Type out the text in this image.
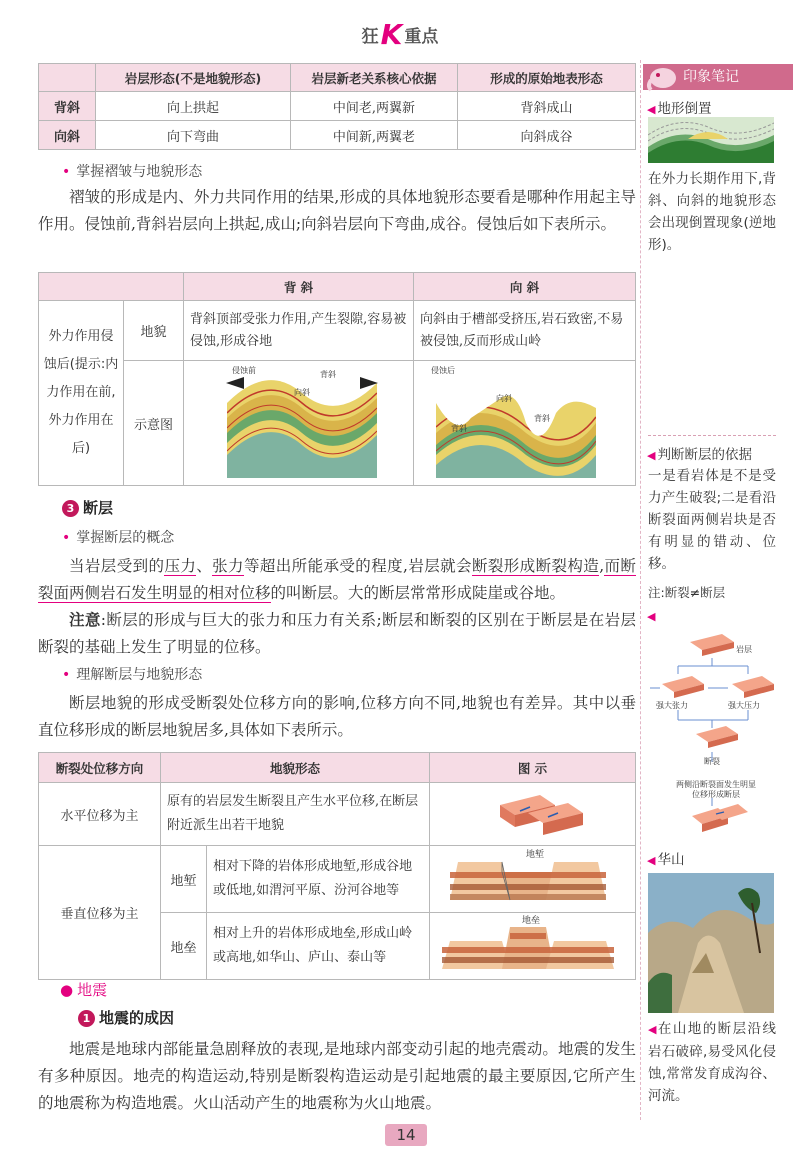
狂K 重点
	岩层形态(不是地貌形态)	岩层新老关系核心依据	形成的原始地表形态
背斜	向上拱起	中间老,两翼新	背斜成山
向斜	向下弯曲	中间新,两翼老	向斜成谷
• 掌握褶皱与地貌形态
褶皱的形成是内、外力共同作用的结果,形成的具体地貌形态要看是哪种作用起主导作用。侵蚀前,背斜岩层向上拱起,成山;向斜岩层向下弯曲,成谷。侵蚀后如下表所示。
		背 斜	向 斜
外力作用侵蚀后(提示:内力作用在前,外力作用在后)	地貌	背斜顶部受张力作用,产生裂隙,容易被侵蚀,形成谷地	向斜由于槽部受挤压,岩石致密,不易被侵蚀,反而形成山岭
	示意图	侵蚀前 背斜
向斜	侵蚀后
向斜
背斜
背斜
3 断层
• 掌握断层的概念
当岩层受到的压力、张力等超出所能承受的程度,岩层就会断裂形成断裂构造,而断裂面两侧岩石发生明显的相对位移的叫断层。大的断层常常形成陡崖或谷地。
注意:断层的形成与巨大的张力和压力有关系;断层和断裂的区别在于断层是在岩层断裂的基础上发生了明显的位移。
• 理解断层与地貌形态
断层地貌的形成受断裂处位移方向的影响,位移方向不同,地貌也有差异。其中以垂直位移形成的断层地貌居多,具体如下表所示。
断裂处位移方向	地貌形态		图 示
水平位移为主	原有的岩层发生断裂且产生水平位移,在断层附近派生出若干地貌	
垂直位移为主	地堑	相对下降的岩体形成地堑,形成谷地或低地,如渭河平原、汾河谷地等	地堑

	地垒	相对上升的岩体形成地垒,形成山岭或高地,如华山、庐山、泰山等	地垒
● 地震
1 地震的成因
地震是地球内部能量急剧释放的表现,是地球内部变动引起的地壳震动。地震的发生有多种原因。地壳的构造运动,特别是断裂构造运动是引起地震的最主要原因,它所产生的地震称为构造地震。火山活动产生的地震称为火山地震。
印象笔记
◀ 地形倒置
在外力长期作用下,背斜、向斜的地貌形态会出现倒置现象(逆地形)。
◀ 判断断层的依据
一是看岩体是不是受力产生破裂;二是看沿断裂面两侧岩块是否有明显的错动、位移。
注:断裂≠断层
◀
岩层
强大张力	强大压力
断裂
两侧沿断裂面发生明显位移形成断层
◀ 华山
◀在山地的断层沿线岩石破碎,易受风化侵蚀,常常发育成沟谷、河流。
14
